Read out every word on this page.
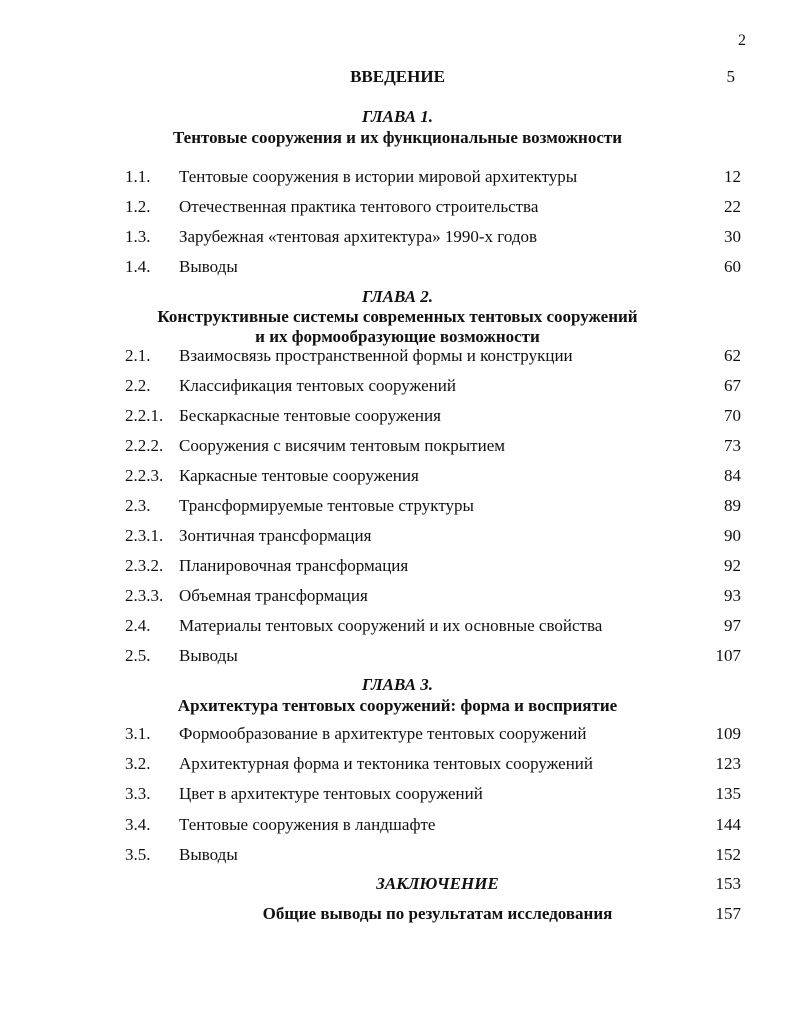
2
ВВЕДЕНИЕ	5
ГЛАВА 1.
Тентовые сооружения и их функциональные возможности
1.1. Тентовые сооружения в истории мировой архитектуры	12
1.2. Отечественная практика тентового строительства	22
1.3. Зарубежная «тентовая архитектура» 1990-х годов	30
1.4. Выводы	60
ГЛАВА 2.
Конструктивные системы современных тентовых сооружений
и их формообразующие возможности
2.1. Взаимосвязь пространственной формы и конструкции	62
2.2. Классификация тентовых сооружений	67
2.2.1. Бескаркасные тентовые сооружения	70
2.2.2. Сооружения с висячим тентовым покрытием	73
2.2.3. Каркасные тентовые сооружения	84
2.3. Трансформируемые тентовые структуры	89
2.3.1. Зонтичная трансформация	90
2.3.2. Планировочная трансформация	92
2.3.3. Объемная трансформация	93
2.4. Материалы тентовых сооружений и их основные свойства	97
2.5. Выводы	107
ГЛАВА 3.
Архитектура тентовых сооружений: форма и восприятие
3.1. Формообразование в архитектуре тентовых сооружений	109
3.2. Архитектурная форма и тектоника тентовых сооружений	123
3.3. Цвет в архитектуре тентовых сооружений	135
3.4. Тентовые сооружения в ландшафте	144
3.5. Выводы	152
ЗАКЛЮЧЕНИЕ	153
Общие выводы по результатам исследования	157
